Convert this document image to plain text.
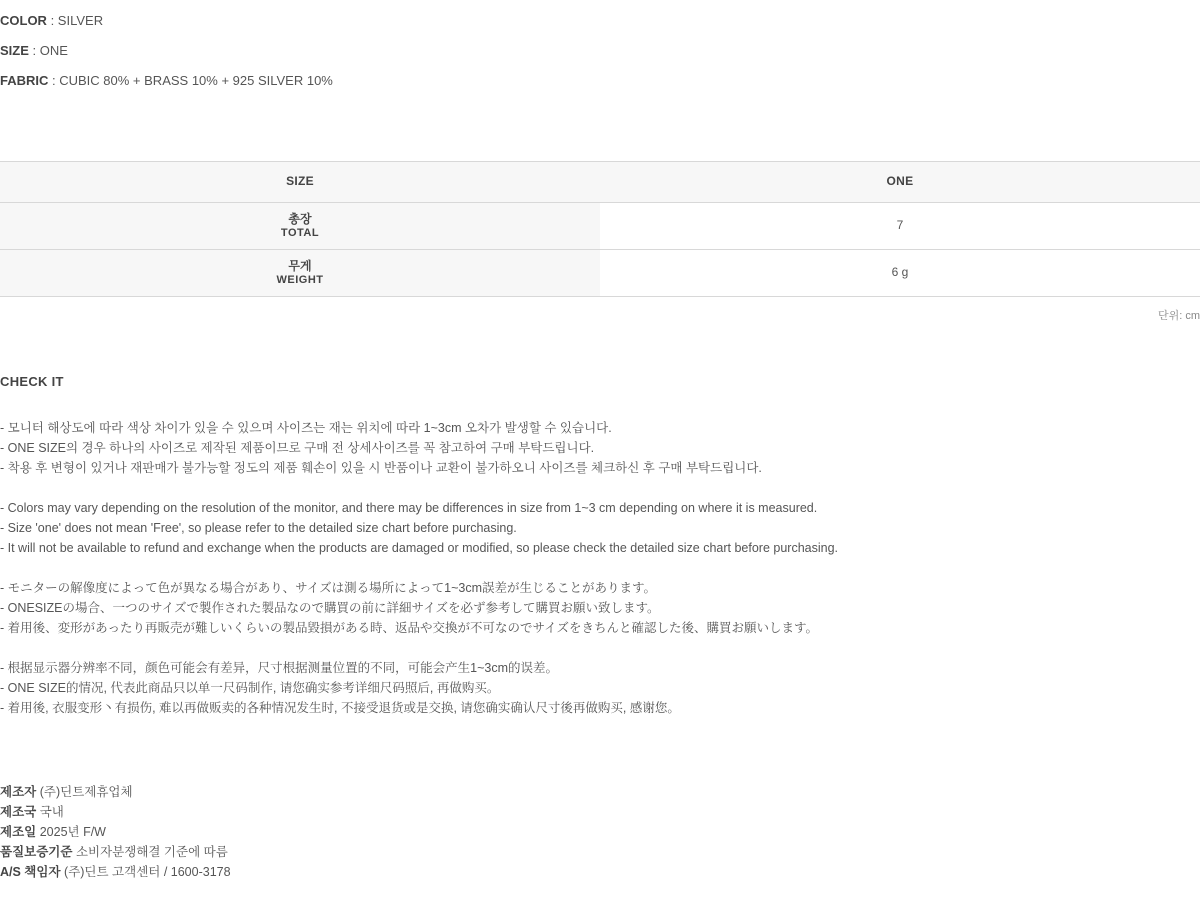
COLOR : SILVER
SIZE : ONE
FABRIC : CUBIC 80% + BRASS 10% + 925 SILVER 10%
SIZE	ONE

총장
TOTAL	7

무게
WEIGHT	6 g
단위: cm
CHECK IT
- 모니터 해상도에 따라 색상 차이가 있을 수 있으며 사이즈는 재는 위치에 따라 1~3cm 오차가 발생할 수 있습니다.
- ONE SIZE의 경우 하나의 사이즈로 제작된 제품이므로 구매 전 상세사이즈를 꼭 참고하여 구매 부탁드립니다.
- 착용 후 변형이 있거나 재판매가 불가능할 정도의 제품 훼손이 있을 시 반품이나 교환이 불가하오니 사이즈를 체크하신 후 구매 부탁드립니다.
- Colors may vary depending on the resolution of the monitor, and there may be differences in size from 1~3 cm depending on where it is measured.
- Size 'one' does not mean 'Free', so please refer to the detailed size chart before purchasing.
- It will not be available to refund and exchange when the products are damaged or modified, so please check the detailed size chart before purchasing.
- モニターの解像度によって色が異なる場合があり、サイズは測る場所によって1~3cm誤差が生じることがあります。
- ONESIZEの場合、一つのサイズで製作された製品なので購買の前に詳細サイズを必ず参考して購買お願い致します。
- 着用後、変形があったり再販売が難しいくらいの製品毀損がある時、返品や交換が不可なのでサイズをきちんと確認した後、購買お願いします。
- 根据显示器分辨率不同，颜色可能会有差异，尺寸根据测量位置的不同，可能会产生1~3cm的误差。
- ONE SIZE的情况, 代表此商品只以单一尺码制作, 请您确实参考详细尺码照后, 再做购买。
- 着用後, 衣服变形丶有损伤, 难以再做贩卖的各种情况发生时, 不接受退货或是交换, 请您确实确认尺寸後再做购买, 感谢您。
제조자 (주)딘트제휴업체
제조국 국내
제조일 2025년 F/W
품질보증기준 소비자분쟁해결 기준에 따름
A/S 책임자 (주)딘트 고객센터 / 1600-3178
